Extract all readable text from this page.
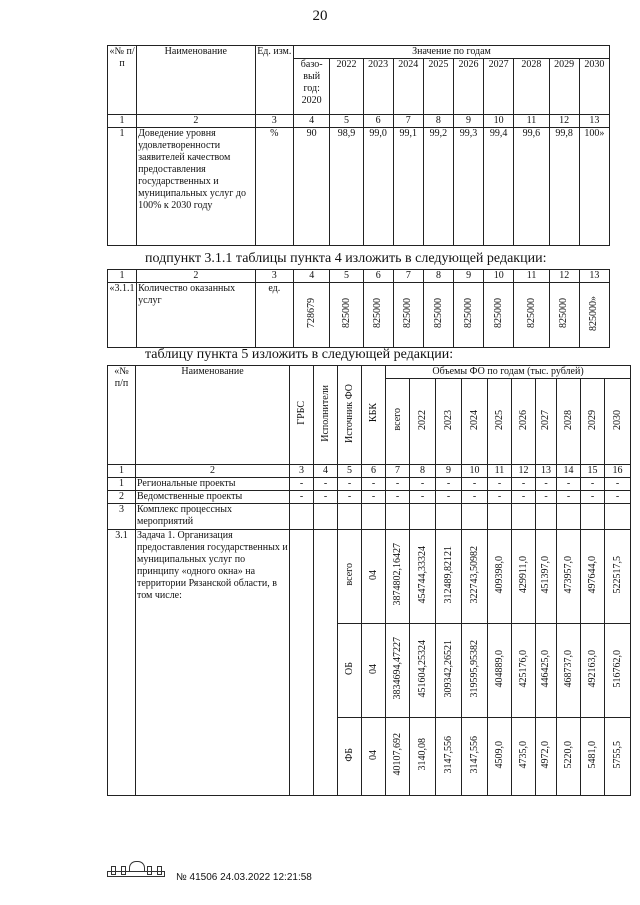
20
«№ п/п	Наименование	Ед. изм.	Значение по годам									
			базо-вый год: 2020	2022	2023	2024	2025	2026	2027	2028	2029	2030
1	2	3	4	5	6	7	8	9	10	11	12	13
1	Доведение уровня удовлетворенности заявителей качеством предоставления государственных и муниципальных услуг до 100% к 2030 году	%	90	98,9	99,0	99,1	99,2	99,3	99,4	99,6	99,8	100»
подпункт 3.1.1 таблицы пункта 4 изложить в следующей редакции:
1	2	3	4	5	6	7	8	9	10	11	12	13
«3.1.1	Количество оказанных услуг	ед.	728679	825000	825000	825000	825000	825000	825000	825000	825000	825000»
таблицу пункта 5 изложить в следующей редакции:
«№ п/п	Наименование	ГРБС	Исполнители	Источник ФО	КБК	Объемы ФО по годам (тыс. рублей)									
						всего	2022	2023	2024	2025	2026	2027	2028	2029	2030
1	2	3	4	5	6	7	8	9	10	11	12	13	14	15	16
1	Региональные проекты	-	-	-	-	-	-	-	-	-	-	-	-	-	-
2	Ведомственные проекты	-	-	-	-	-	-	-	-	-	-	-	-	-	-
3	Комплекс процессных мероприятий														
3.1	Задача 1. Организация предоставления государственных и муниципальных услуг по принципу «одного окна» на территории Рязанской области, в том числе:			всего	04	3874802,16427	454744,33324	312489,82121	322743,50982	409398,0	429911,0	451397,0	473957,0	497644,0	522517,5
				ОБ	04	3834694,47227	451604,25324	309342,26521	319595,95382	404889,0	425176,0	446425,0	468737,0	492163,0	516762,0
				ФБ	04	40107,692	3140,08	3147,556	3147,556	4509,0	4735,0	4972,0	5220,0	5481,0	5755,5
№ 41506 24.03.2022 12:21:58
